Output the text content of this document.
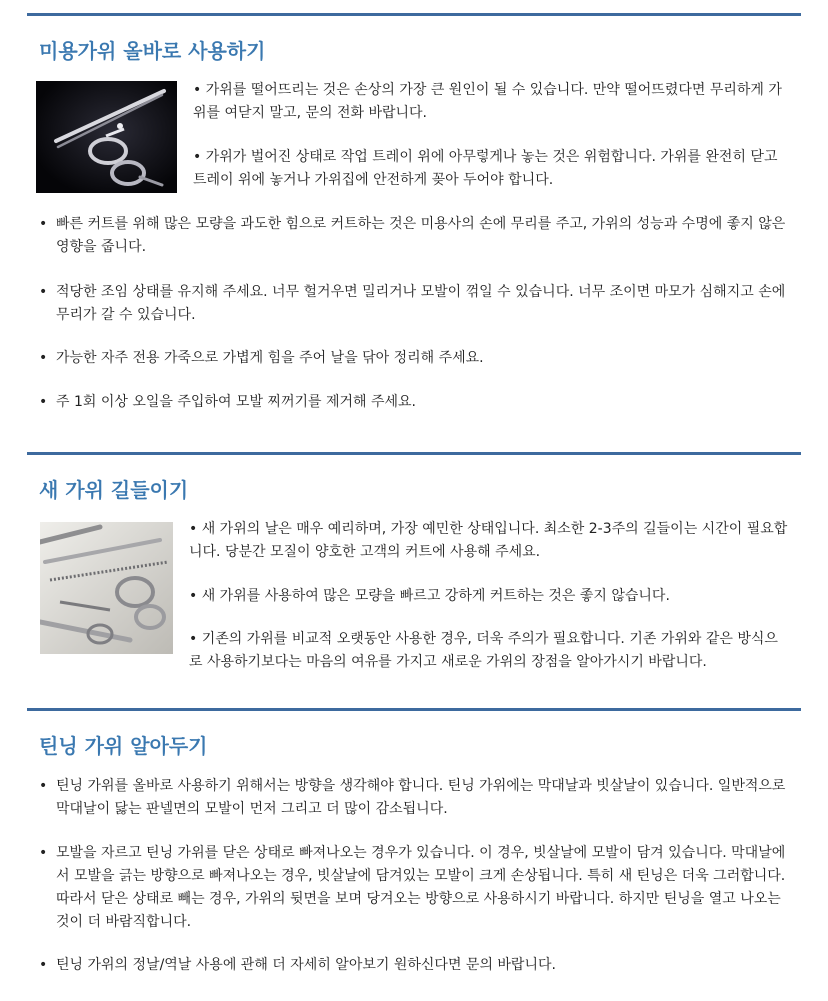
미용가위 올바로 사용하기

• 가위를 떨어뜨리는 것은 손상의 가장 큰 원인이 될 수 있습니다. 만약 떨어뜨렸다면 무리하게 가위를 여닫지 말고, 문의 전화 바랍니다.

• 가위가 벌어진 상태로 작업 트레이 위에 아무렇게나 놓는 것은 위험합니다. 가위를 완전히 닫고 트레이 위에 놓거나 가위집에 안전하게 꽂아 두어야 합니다.

• 빠른 커트를 위해 많은 모량을 과도한 힘으로 커트하는 것은 미용사의 손에 무리를 주고, 가위의 성능과 수명에 좋지 않은 영향을 줍니다.

• 적당한 조임 상태를 유지해 주세요. 너무 헐거우면 밀리거나 모발이 꺾일 수 있습니다. 너무 조이면 마모가 심해지고 손에 무리가 갈 수 있습니다.

• 가능한 자주 전용 가죽으로 가볍게 힘을 주어 날을 닦아 정리해 주세요.

• 주 1회 이상 오일을 주입하여 모발 찌꺼기를 제거해 주세요.

새 가위 길들이기

• 새 가위의 날은 매우 예리하며, 가장 예민한 상태입니다. 최소한 2-3주의 길들이는 시간이 필요합니다. 당분간 모질이 양호한 고객의 커트에 사용해 주세요.

• 새 가위를 사용하여 많은 모량을 빠르고 강하게 커트하는 것은 좋지 않습니다.

• 기존의 가위를 비교적 오랫동안 사용한 경우, 더욱 주의가 필요합니다. 기존 가위와 같은 방식으로 사용하기보다는 마음의 여유를 가지고 새로운 가위의 장점을 알아가시기 바랍니다.

틴닝 가위 알아두기

• 틴닝 가위를 올바로 사용하기 위해서는 방향을 생각해야 합니다. 틴닝 가위에는 막대날과 빗살날이 있습니다. 일반적으로 막대날이 닳는 판넬면의 모발이 먼저 그리고 더 많이 감소됩니다.

• 모발을 자르고 틴닝 가위를 닫은 상태로 빠져나오는 경우가 있습니다. 이 경우, 빗살날에 모발이 담겨 있습니다. 막대날에서 모발을 긁는 방향으로 빠져나오는 경우, 빗살날에 담겨있는 모발이 크게 손상됩니다. 특히 새 틴닝은 더욱 그러합니다. 따라서 닫은 상태로 빼는 경우, 가위의 뒷면을 보며 당겨오는 방향으로 사용하시기 바랍니다. 하지만 틴닝을 열고 나오는 것이 더 바람직합니다.

• 틴닝 가위의 정날/역날 사용에 관해 더 자세히 알아보기 원하신다면 문의 바랍니다.
